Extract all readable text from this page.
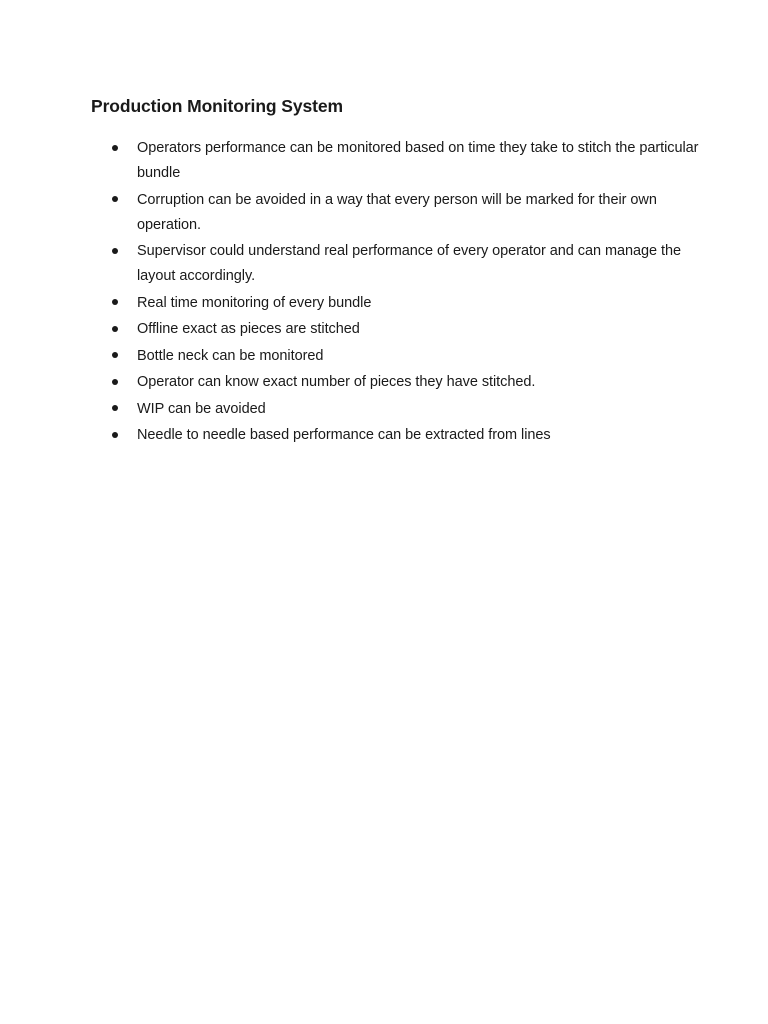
Production Monitoring System
Operators performance can be monitored based on time they take to stitch the particular bundle
Corruption can be avoided in a way that every person will be marked for their own operation.
Supervisor could understand real performance of every operator and can manage the layout accordingly.
Real time monitoring of every bundle
Offline exact as pieces are stitched
Bottle neck can be monitored
Operator can know exact number of pieces they have stitched.
WIP can be avoided
Needle to needle based performance can be extracted from lines
